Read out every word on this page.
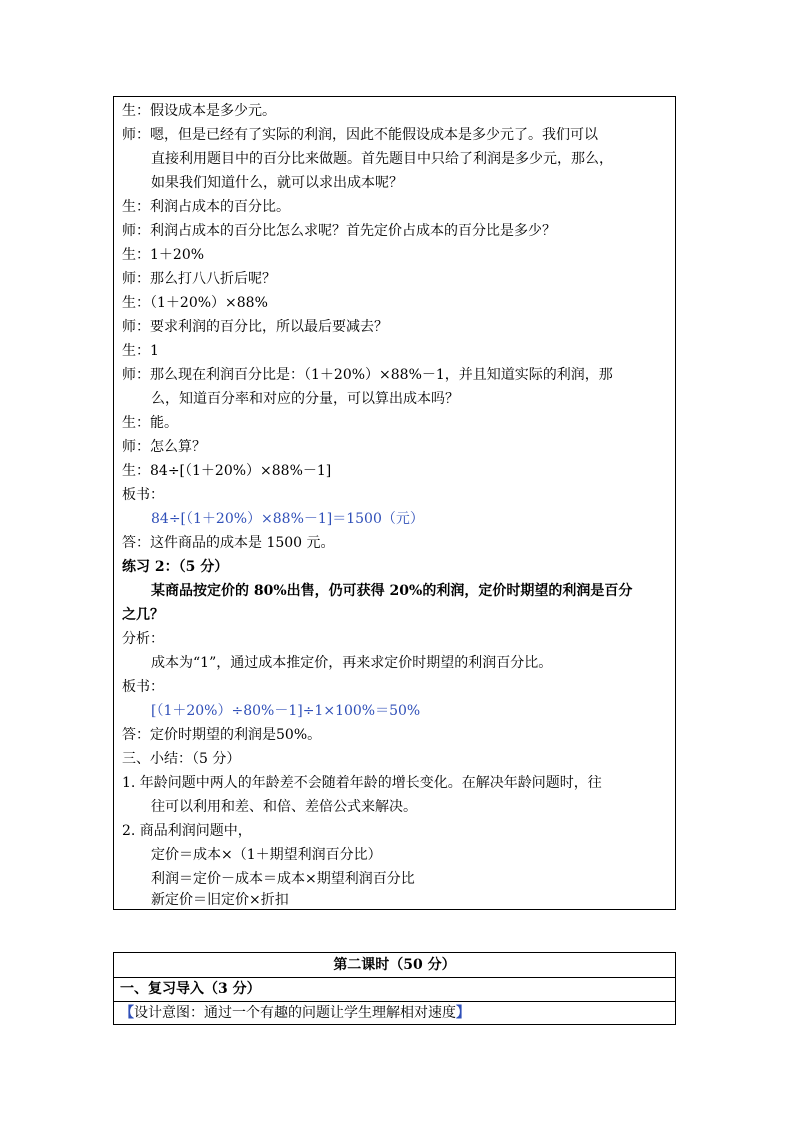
生：假设成本是多少元。
师：嗯，但是已经有了实际的利润，因此不能假设成本是多少元了。我们可以
直接利用题目中的百分比来做题。首先题目中只给了利润是多少元，那么，
如果我们知道什么，就可以求出成本呢？
生：利润占成本的百分比。
师：利润占成本的百分比怎么求呢？首先定价占成本的百分比是多少？
生：1＋20%
师：那么打八八折后呢？
生：（1＋20%）×88%
师：要求利润的百分比，所以最后要减去？
生：1
师：那么现在利润百分比是：（1＋20%）×88%－1，并且知道实际的利润，那
么，知道百分率和对应的分量，可以算出成本吗？
生：能。
师：怎么算？
生：84÷[（1＋20%）×88%－1]
板书：
84÷[（1＋20%）×88%－1]＝1500（元）
答：这件商品的成本是 1500 元。
练习 2：（5 分）
某商品按定价的 80%出售，仍可获得 20%的利润，定价时期望的利润是百分
之几？
分析：
成本为“1”，通过成本推定价，再来求定价时期望的利润百分比。
板书：
[（1＋20%）÷80%－1]÷1×100%＝50%
答：定价时期望的利润是50%。
三、小结：（5 分）
1. 年龄问题中两人的年龄差不会随着年龄的增长变化。在解决年龄问题时，往
往可以利用和差、和倍、差倍公式来解决。
2. 商品利润问题中，
定价＝成本×（1＋期望利润百分比）
利润＝定价－成本＝成本×期望利润百分比
新定价＝旧定价×折扣
第二课时（50 分）
一、复习导入（3 分）
【设计意图：通过一个有趣的问题让学生理解相对速度】
